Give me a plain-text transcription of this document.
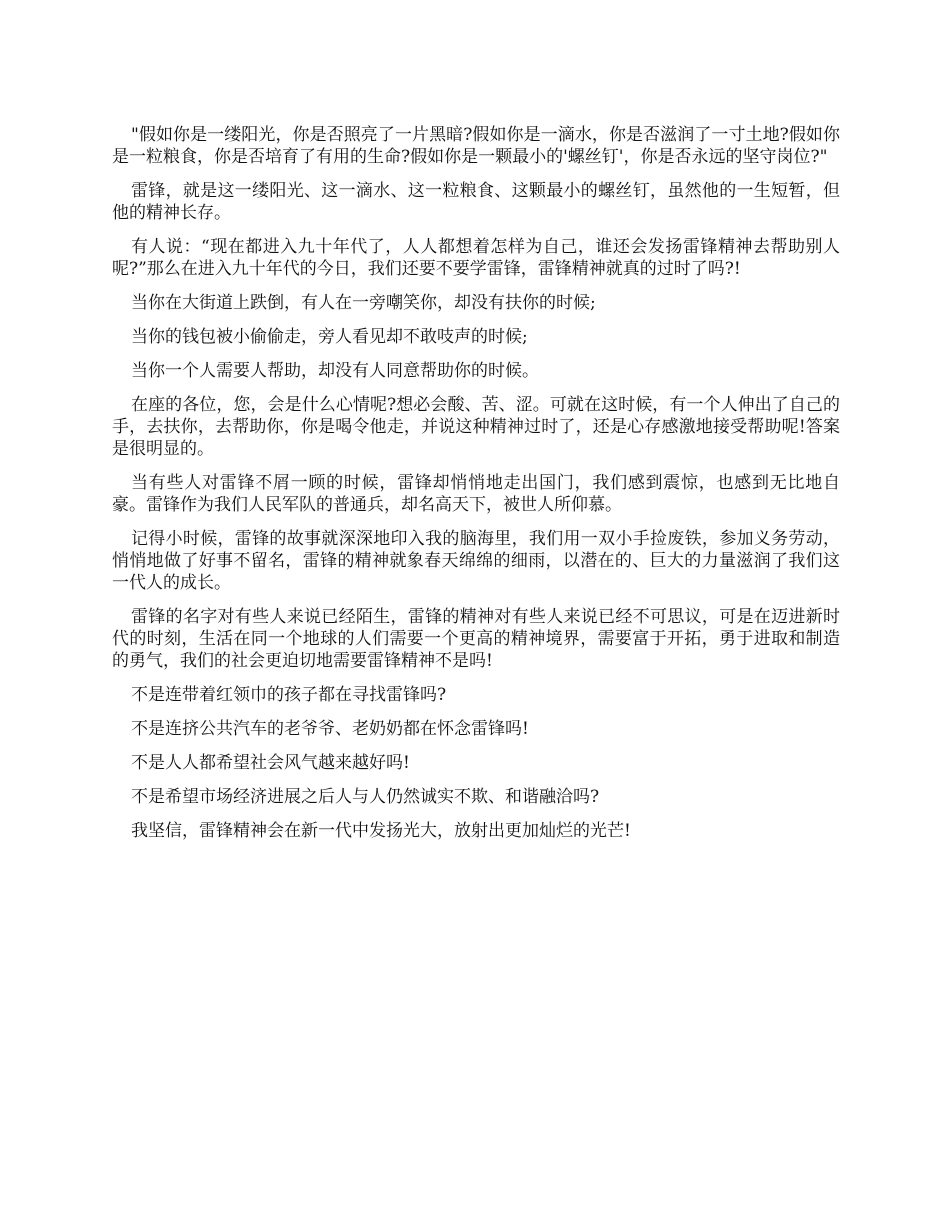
"假如你是一缕阳光，你是否照亮了一片黑暗?假如你是一滴水，你是否滋润了一寸土地?假如你是一粒粮食，你是否培育了有用的生命?假如你是一颗最小的'螺丝钉'，你是否永远的坚守岗位?"

雷锋，就是这一缕阳光、这一滴水、这一粒粮食、这颗最小的螺丝钉，虽然他的一生短暂，但他的精神长存。

有人说：“现在都进入九十年代了，人人都想着怎样为自己，谁还会发扬雷锋精神去帮助别人呢?”那么在进入九十年代的今日，我们还要不要学雷锋，雷锋精神就真的过时了吗?!

当你在大街道上跌倒，有人在一旁嘲笑你，却没有扶你的时候;

当你的钱包被小偷偷走，旁人看见却不敢吱声的时候;

当你一个人需要人帮助，却没有人同意帮助你的时候。

在座的各位，您，会是什么心情呢?想必会酸、苦、涩。可就在这时候，有一个人伸出了自己的手，去扶你，去帮助你，你是喝令他走，并说这种精神过时了，还是心存感激地接受帮助呢!答案是很明显的。

当有些人对雷锋不屑一顾的时候，雷锋却悄悄地走出国门，我们感到震惊，也感到无比地自豪。雷锋作为我们人民军队的普通兵，却名高天下，被世人所仰慕。

记得小时候，雷锋的故事就深深地印入我的脑海里，我们用一双小手捡废铁，参加义务劳动，悄悄地做了好事不留名，雷锋的精神就象春天绵绵的细雨，以潜在的、巨大的力量滋润了我们这一代人的成长。

雷锋的名字对有些人来说已经陌生，雷锋的精神对有些人来说已经不可思议，可是在迈进新时代的时刻，生活在同一个地球的人们需要一个更高的精神境界，需要富于开拓，勇于进取和制造的勇气，我们的社会更迫切地需要雷锋精神不是吗!

不是连带着红领巾的孩子都在寻找雷锋吗?

不是连挤公共汽车的老爷爷、老奶奶都在怀念雷锋吗!

不是人人都希望社会风气越来越好吗!

不是希望市场经济进展之后人与人仍然诚实不欺、和谐融洽吗?

我坚信，雷锋精神会在新一代中发扬光大，放射出更加灿烂的光芒!
